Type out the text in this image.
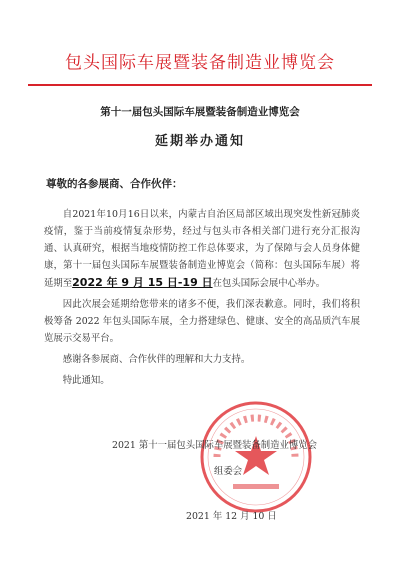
包头国际车展暨装备制造业博览会
第十一届包头国际车展暨装备制造业博览会
延期举办通知
尊敬的各参展商、合作伙伴：

自2021年10月16日以来，内蒙古自治区局部区域出现突发性新冠肺炎疫情，鉴于当前疫情复杂形势，经过与包头市各相关部门进行充分汇报沟通、认真研究，根据当地疫情防控工作总体要求，为了保障与会人员身体健康，第十一届包头国际车展暨装备制造业博览会（简称：包头国际车展）将延期至2022 年 9 月 15 日-19 日在包头国际会展中心举办。

因此次展会延期给您带来的诸多不便，我们深表歉意。同时，我们将积极筹备 2022 年包头国际车展，全力搭建绿色、健康、安全的高品质汽车展览展示交易平台。

感谢各参展商、合作伙伴的理解和大力支持。

特此通知。

2021 第十一届包头国际车展暨装备制造业博览会
组委会
2021 年 12 月 10 日
